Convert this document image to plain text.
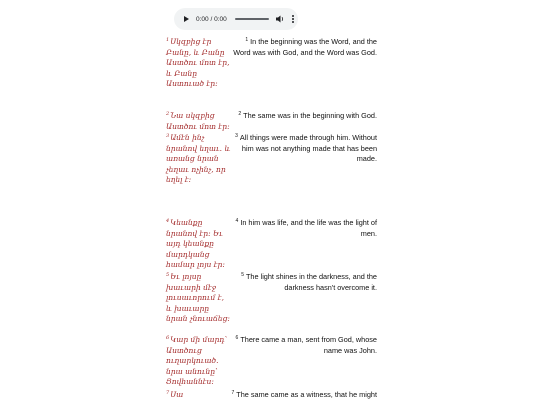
0:00 / 0:00
$^1$Սկզբից էր Բանը, և Բանը Աստծու մոտ էր, և Բանը Աստուած էր:
$^1$ In the beginning was the Word, and the Word was with God, and the Word was God.
$^2$Նա սկզբից Աստծու մոտ էր:
$^2$ The same was in the beginning with God.
$^3$Ամէն ինչ նրանով եղաւ. և առանց նրան չեղաւ ոչինչ, որ եղել է:
$^3$ All things were made through him. Without him was not anything made that has been made.
$^4$Կեանքը նրանով էր: Եւ այդ կեանքը մարդկանց համար լոյս էր:
$^4$ In him was life, and the life was the light of men.
$^5$Եւ լոյսը խաւարի մէջ լուսաւորում է, և խաւարը նրան չնուաճեց:
$^5$ The light shines in the darkness, and the darkness hasn't overcome it.
$^6$Կար մի մարդ՝ Աստծուց ուղարկուած. նրա անունը՝ Յովհաննէս:
$^6$ There came a man, sent from God, whose name was John.
$^7$Սա	$^7$ The same came as a witness, that he might
